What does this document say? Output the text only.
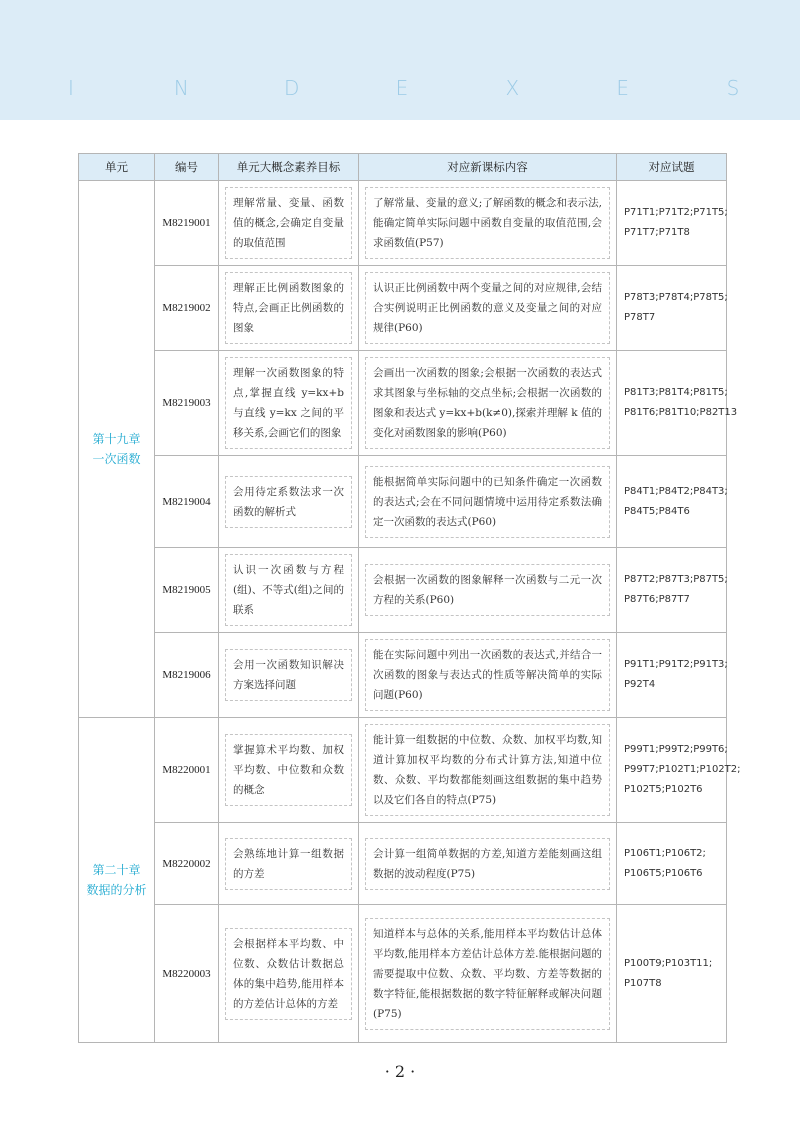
I	N	D	E	X	E	S
单元	编号	单元大概念素养目标	对应新课标内容	对应试题
第十九章
一次函数	M8219001	理解常量、变量、函数值的概念,会确定自变量的取值范围	了解常量、变量的意义;了解函数的概念和表示法,能确定简单实际问题中函数自变量的取值范围,会求函数值(P57)	P71T1;P71T2;P71T5;
P71T7;P71T8
	M8219002	理解正比例函数图象的特点,会画正比例函数的图象	认识正比例函数中两个变量之间的对应规律,会结合实例说明正比例函数的意义及变量之间的对应规律(P60)	P78T3;P78T4;P78T5;
P78T7
	M8219003	理解一次函数图象的特点,掌握直线 y=kx+b 与直线 y=kx 之间的平移关系,会画它们的图象	会画出一次函数的图象;会根据一次函数的表达式求其图象与坐标轴的交点坐标;会根据一次函数的图象和表达式 y=kx+b(k≠0),探索并理解 k 值的变化对函数图象的影响(P60)	P81T3;P81T4;P81T5;
P81T6;P81T10;P82T13
	M8219004	会用待定系数法求一次函数的解析式	能根据简单实际问题中的已知条件确定一次函数的表达式;会在不同问题情境中运用待定系数法确定一次函数的表达式(P60)	P84T1;P84T2;P84T3;
P84T5;P84T6
	M8219005	认识一次函数与方程(组)、不等式(组)之间的联系	会根据一次函数的图象解释一次函数与二元一次方程的关系(P60)	P87T2;P87T3;P87T5;
P87T6;P87T7
	M8219006	会用一次函数知识解决方案选择问题	能在实际问题中列出一次函数的表达式,并结合一次函数的图象与表达式的性质等解决简单的实际问题(P60)	P91T1;P91T2;P91T3;
P92T4
第二十章
数据的分析	M8220001	掌握算术平均数、加权平均数、中位数和众数的概念	能计算一组数据的中位数、众数、加权平均数,知道计算加权平均数的分布式计算方法,知道中位数、众数、平均数都能刻画这组数据的集中趋势以及它们各自的特点(P75)	P99T1;P99T2;P99T6;
P99T7;P102T1;P102T2;
P102T5;P102T6
	M8220002	会熟练地计算一组数据的方差	会计算一组简单数据的方差,知道方差能刻画这组数据的波动程度(P75)	P106T1;P106T2;
P106T5;P106T6
	M8220003	会根据样本平均数、中位数、众数估计数据总体的集中趋势,能用样本的方差估计总体的方差	知道样本与总体的关系,能用样本平均数估计总体平均数,能用样本方差估计总体方差.能根据问题的需要提取中位数、众数、平均数、方差等数据的数字特征,能根据数据的数字特征解释或解决问题(P75)	P100T9;P103T11;
P107T8
· 2 ·
